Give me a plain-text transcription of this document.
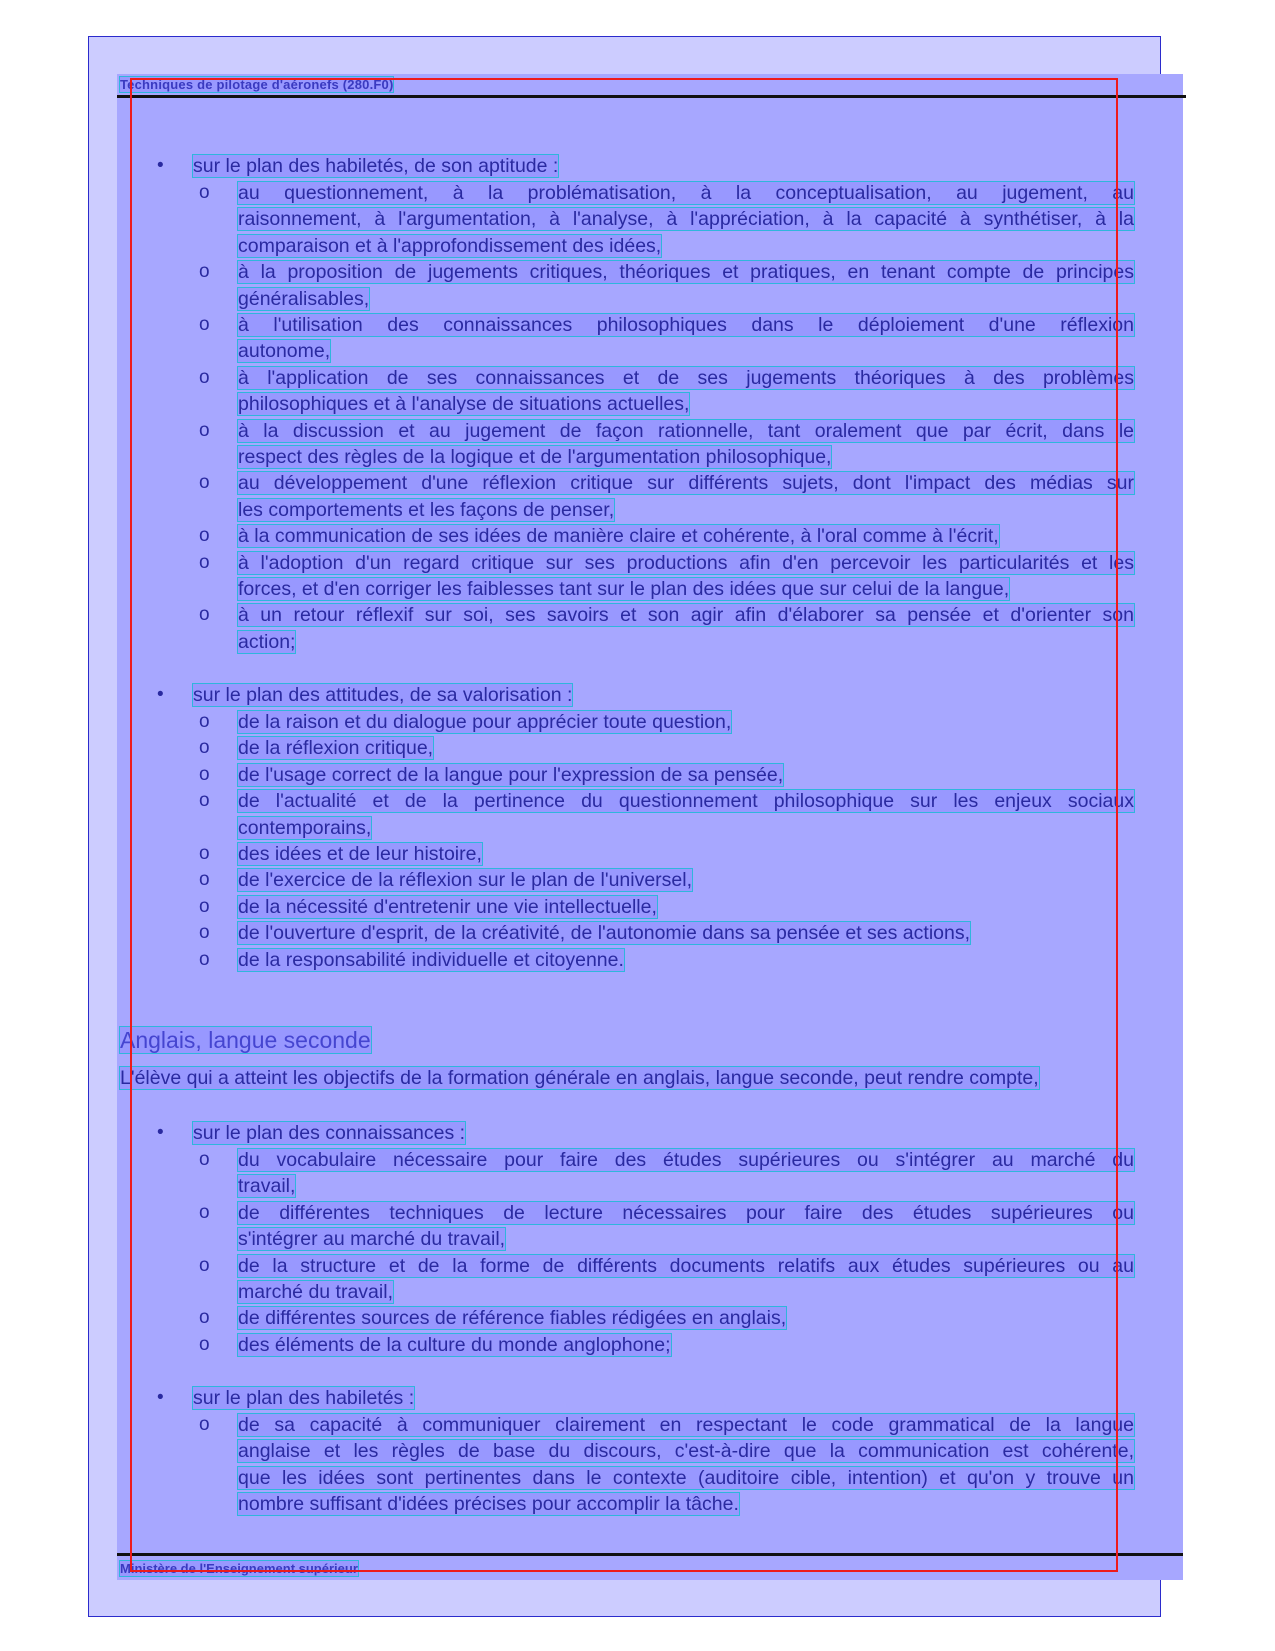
Techniques de pilotage d'aéronefs (280.F0)
• sur le plan des habiletés, de son aptitude :
o au questionnement, à la problématisation, à la conceptualisation, au jugement, au
raisonnement, à l'argumentation, à l'analyse, à l'appréciation, à la capacité à synthétiser, à la
comparaison et à l'approfondissement des idées,
o à la proposition de jugements critiques, théoriques et pratiques, en tenant compte de principes
généralisables,
o à l'utilisation des connaissances philosophiques dans le déploiement d'une réflexion
autonome,
o à l'application de ses connaissances et de ses jugements théoriques à des problèmes
philosophiques et à l'analyse de situations actuelles,
o à la discussion et au jugement de façon rationnelle, tant oralement que par écrit, dans le
respect des règles de la logique et de l'argumentation philosophique,
o au développement d'une réflexion critique sur différents sujets, dont l'impact des médias sur
les comportements et les façons de penser,
o à la communication de ses idées de manière claire et cohérente, à l'oral comme à l'écrit,
o à l'adoption d'un regard critique sur ses productions afin d'en percevoir les particularités et les
forces, et d'en corriger les faiblesses tant sur le plan des idées que sur celui de la langue,
o à un retour réflexif sur soi, ses savoirs et son agir afin d'élaborer sa pensée et d'orienter son
action;
• sur le plan des attitudes, de sa valorisation :
o de la raison et du dialogue pour apprécier toute question,
o de la réflexion critique,
o de l'usage correct de la langue pour l'expression de sa pensée,
o de l'actualité et de la pertinence du questionnement philosophique sur les enjeux sociaux
contemporains,
o des idées et de leur histoire,
o de l'exercice de la réflexion sur le plan de l'universel,
o de la nécessité d'entretenir une vie intellectuelle,
o de l'ouverture d'esprit, de la créativité, de l'autonomie dans sa pensée et ses actions,
o de la responsabilité individuelle et citoyenne.
Anglais, langue seconde
L'élève qui a atteint les objectifs de la formation générale en anglais, langue seconde, peut rendre compte,
• sur le plan des connaissances :
o du vocabulaire nécessaire pour faire des études supérieures ou s'intégrer au marché du
travail,
o de différentes techniques de lecture nécessaires pour faire des études supérieures ou
s'intégrer au marché du travail,
o de la structure et de la forme de différents documents relatifs aux études supérieures ou au
marché du travail,
o de différentes sources de référence fiables rédigées en anglais,
o des éléments de la culture du monde anglophone;
• sur le plan des habiletés :
o de sa capacité à communiquer clairement en respectant le code grammatical de la langue
anglaise et les règles de base du discours, c'est-à-dire que la communication est cohérente,
que les idées sont pertinentes dans le contexte (auditoire cible, intention) et qu'on y trouve un
nombre suffisant d'idées précises pour accomplir la tâche.
Ministère de l'Enseignement supérieur
